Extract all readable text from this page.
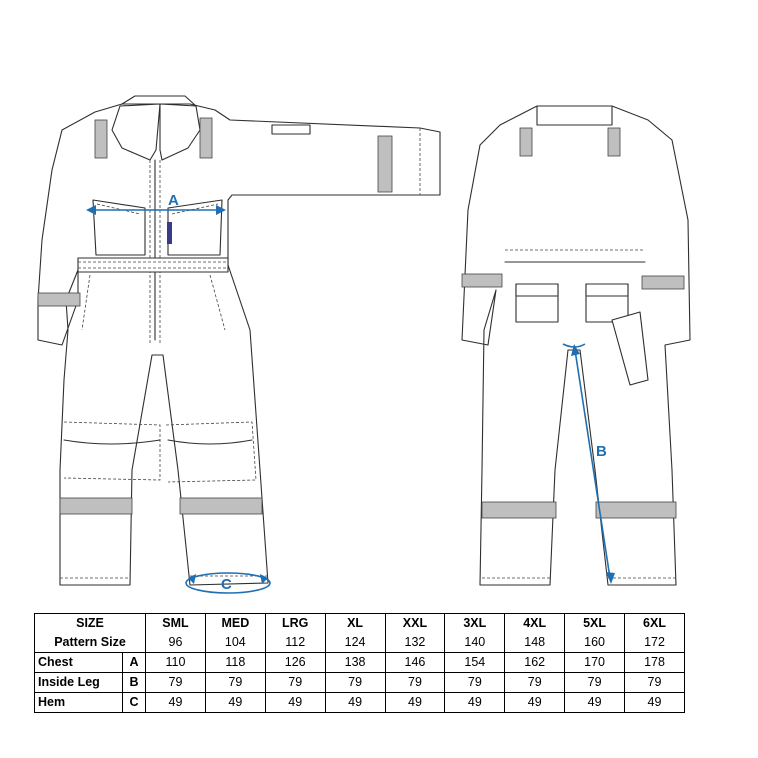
A
B
C
SIZE		SML	MED	LRG	XL	XXL	3XL	4XL	5XL	6XL
Pattern Size		96	104	112	124	132	140	148	160	172
Chest	A	110	118	126	138	146	154	162	170	178
Inside Leg	B	79	79	79	79	79	79	79	79	79
Hem	C	49	49	49	49	49	49	49	49	49
